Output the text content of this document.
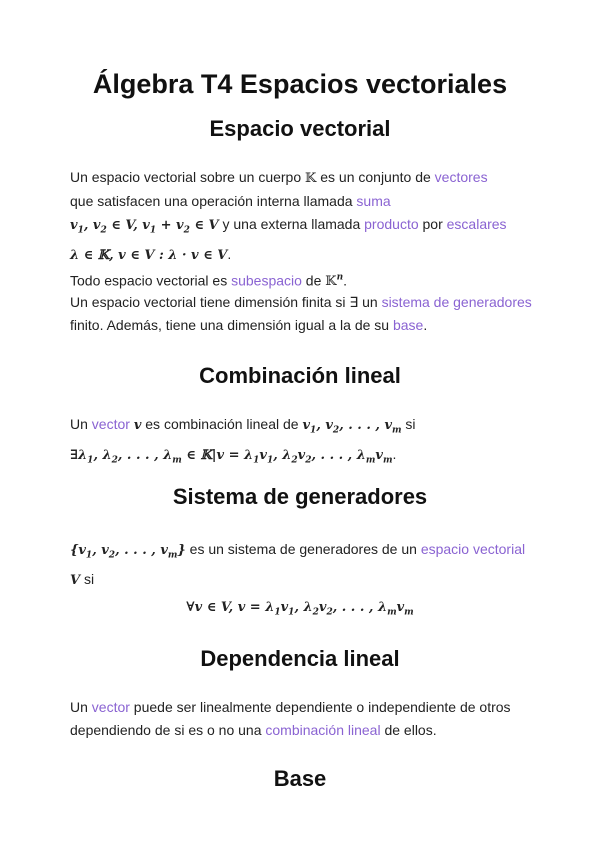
Álgebra T4 Espacios vectoriales
Espacio vectorial

Un espacio vectorial sobre un cuerpo 𝕂 es un conjunto de vectores
que satisfacen una operación interna llamada suma
$v_1$, $v_2$ ∈ V, $v_1 + v_2$ ∈ V y una externa llamada producto por escalares
λ ∈ 𝕂, v ∈ V : λ · v ∈ V.
Todo espacio vectorial es subespacio de 𝕂$^n$.

Un espacio vectorial tiene dimensión finita si ∃ un sistema de generadores finito. Además, tiene una dimensión igual a la de su base.

Combinación lineal

Un vector v es combinación lineal de $v_1$, $v_2$, . . . , $v_m$ si
$\exists\lambda_1$, $\lambda_2$, . . . , $\lambda_m$ ∈ 𝕂|v = $\lambda_1v_1$, $\lambda_2v_2$, . . . , $\lambda_mv_m$.

Sistema de generadores

{$v_1$, $v_2$, . . . , $v_m$} es un sistema de generadores de un espacio vectorial
V si

∀v ∈ V, $v = \lambda_1v_1$, $\lambda_2v_2$, . . . , $\lambda_mv_m$
Dependencia lineal

Un vector puede ser linealmente dependiente o independiente de otros dependiendo de si es o no una combinación lineal de ellos.

Base
